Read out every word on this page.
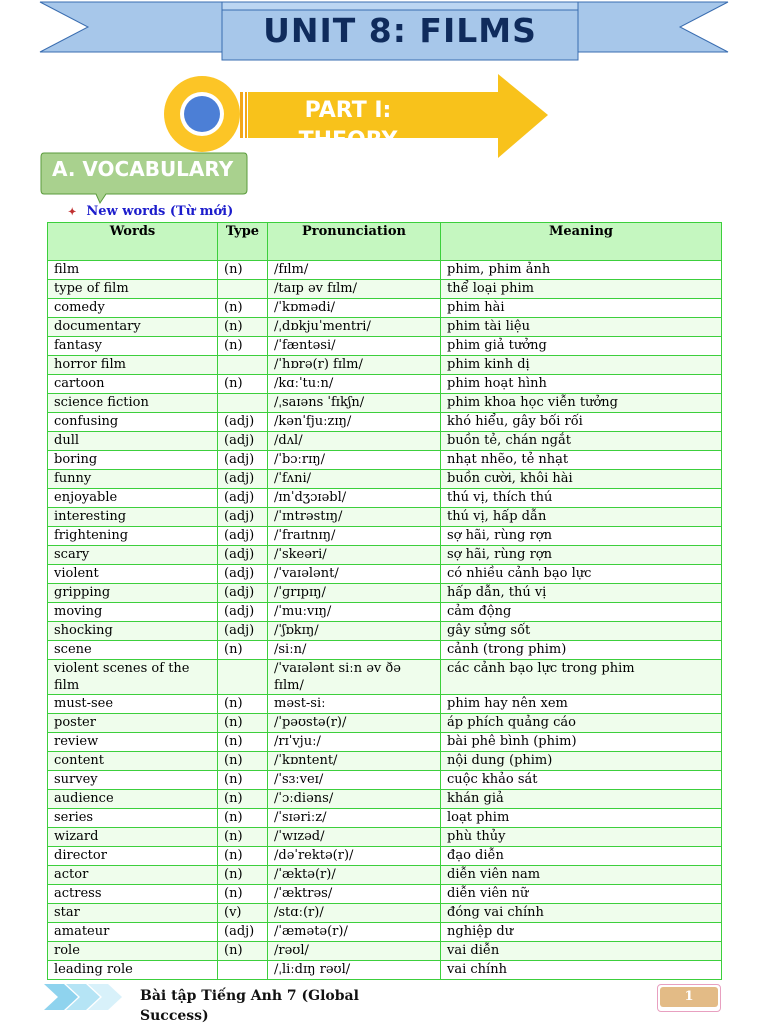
UNIT 8: FILMS
PART I: THEORY
A. VOCABULARY
✦ New words (Từ mới)
Words	Type	Pronunciation	Meaning
film	(n)	/fɪlm/	phim, phim ảnh
type of film		/taɪp əv fɪlm/	thể loại phim
comedy	(n)	/ˈkɒmədi/	phim hài
documentary	(n)	/ˌdɒkjuˈmentri/	phim tài liệu
fantasy	(n)	/ˈfæntəsi/	phim giả tưởng
horror film		/ˈhɒrə(r) fɪlm/	phim kinh dị
cartoon	(n)	/kɑːˈtuːn/	phim hoạt hình
science fiction		/ˌsaɪəns ˈfɪkʃn/	phim khoa học viễn tưởng
confusing	(adj)	/kənˈfjuːzɪŋ/	khó hiểu, gây bối rối
dull	(adj)	/dʌl/	buồn tẻ, chán ngắt
boring	(adj)	/ˈbɔːrɪŋ/	nhạt nhẽo, tẻ nhạt
funny	(adj)	/ˈfʌni/	buồn cười, khôi hài
enjoyable	(adj)	/ɪnˈdʒɔɪəbl/	thú vị, thích thú
interesting	(adj)	/ˈɪntrəstɪŋ/	thú vị, hấp dẫn
frightening	(adj)	/ˈfraɪtnɪŋ/	sợ hãi, rùng rợn
scary	(adj)	/ˈskeəri/	sợ hãi, rùng rợn
violent	(adj)	/ˈvaɪələnt/	có nhiều cảnh bạo lực
gripping	(adj)	/ˈɡrɪpɪŋ/	hấp dẫn, thú vị
moving	(adj)	/ˈmuːvɪŋ/	cảm động
shocking	(adj)	/ˈʃɒkɪŋ/	gây sửng sốt
scene	(n)	/siːn/	cảnh (trong phim)
violent scenes of the film		/ˈvaɪələnt siːn əv ðə fɪlm/	các cảnh bạo lực trong phim
must-see	(n)	məst-siː	phim hay nên xem
poster	(n)	/ˈpəʊstə(r)/	áp phích quảng cáo
review	(n)	/rɪˈvjuː/	bài phê bình (phim)
content	(n)	/ˈkɒntent/	nội dung (phim)
survey	(n)	/ˈsɜːveɪ/	cuộc khảo sát
audience	(n)	/ˈɔːdiəns/	khán giả
series	(n)	/ˈsɪəriːz/	loạt phim
wizard	(n)	/ˈwɪzəd/	phù thủy
director	(n)	/dəˈrektə(r)/	đạo diễn
actor	(n)	/ˈæktə(r)/	diễn viên nam
actress	(n)	/ˈæktrəs/	diễn viên nữ
star	(v)	/stɑː(r)/	đóng vai chính
amateur	(adj)	/ˈæmətə(r)/	nghiệp dư
role	(n)	/rəʊl/	vai diễn
leading role		/ˌliːdɪŋ rəʊl/	vai chính
Bài tập Tiếng Anh 7 (Global Success)
1
